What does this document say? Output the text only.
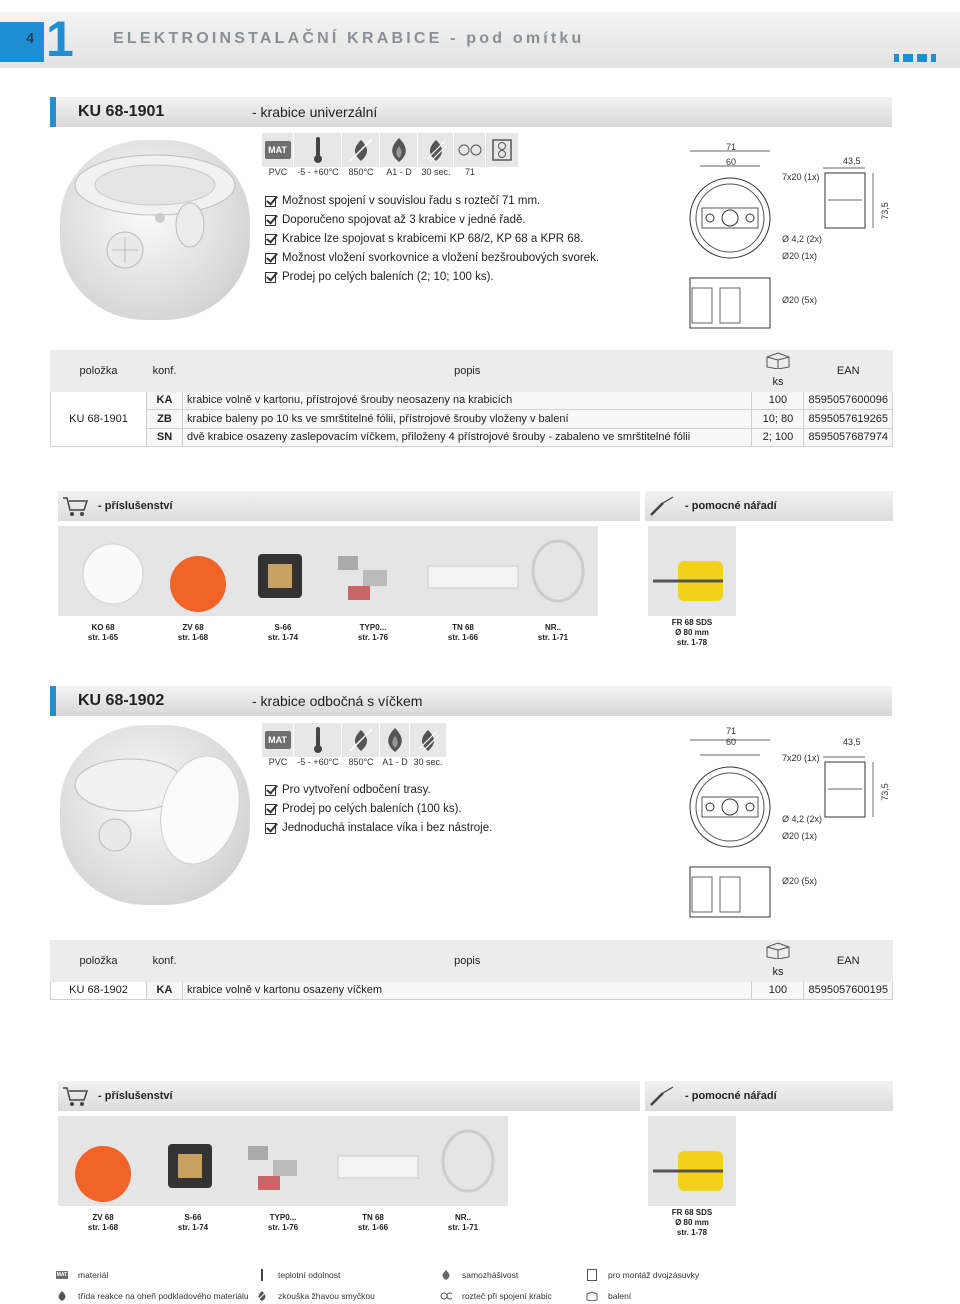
4 1 ELEKTROINSTALAČNÍ KRABICE - pod omítku
KU 68-1901	- krabice univerzální
MAT
PVC	-5 - +60°C	850°C	A1 - D	30 sec.	71
Možnost spojení v souvislou řadu s roztečí 71 mm.
Doporučeno spojovat až 3 krabice v jedné řadě.
Krabice lze spojovat s krabicemi KP 68/2, KP 68 a KPR 68.
Možnost vložení svorkovnice a vložení bezšroubových svorek.
Prodej po celých baleních (2; 10; 100 ks).
71
60	43,5
7x20 (1x)
73,5
Ø 4,2 (2x)
Ø20 (1x)
Ø20 (5x)
položka	konf.	popis		EAN
			ks	
KU 68-1901	KA	krabice volně v kartonu, přístrojové šrouby neosazeny na krabicích	100	8595057600096
	ZB	krabice baleny po 10 ks ve smrštitelné fólii, přístrojové šrouby vloženy v balení	10; 80	8595057619265
	SN	dvě krabice osazeny zaslepovacím víčkem, přiloženy 4 přístrojové šrouby - zabaleno ve smrštitelné fólii	2; 100	8595057687974
- příslušenství	- pomocné nářadí
KO 68
str. 1-65
ZV 68
str. 1-68
S-66
str. 1-74
TYP0...
str. 1-76
TN 68
str. 1-66
NR..
str. 1-71
FR 68 SDS
Ø 80 mm
str. 1-78
KU 68-1902	- krabice odbočná s víčkem
MAT
PVC	-5 - +60°C	850°C A1 - D 30 sec.
Pro vytvoření odbočení trasy.
Prodej po celých baleních (100 ks).
Jednoduchá instalace víka i bez nástroje.
71
60	43,5
7x20 (1x)
73,5
Ø 4,2 (2x)
Ø20 (1x)
Ø20 (5x)
položka	konf.	popis		EAN
			ks	
KU 68-1902	KA	krabice volně v kartonu osazeny víčkem	100	8595057600195
- příslušenství	- pomocné nářadí
ZV 68
str. 1-68
S-66
str. 1-74
TYP0...
str. 1-76
TN 68
str. 1-66
NR..
str. 1-71
FR 68 SDS
Ø 80 mm
str. 1-78
MAT materiál	teplotní odolnost	samozhášivost	pro montáž dvojzásuvky
třída reakce na oheň podkladového materiálu	zkouška žhavou smyčkou	rozteč při spojení krabic	balení
